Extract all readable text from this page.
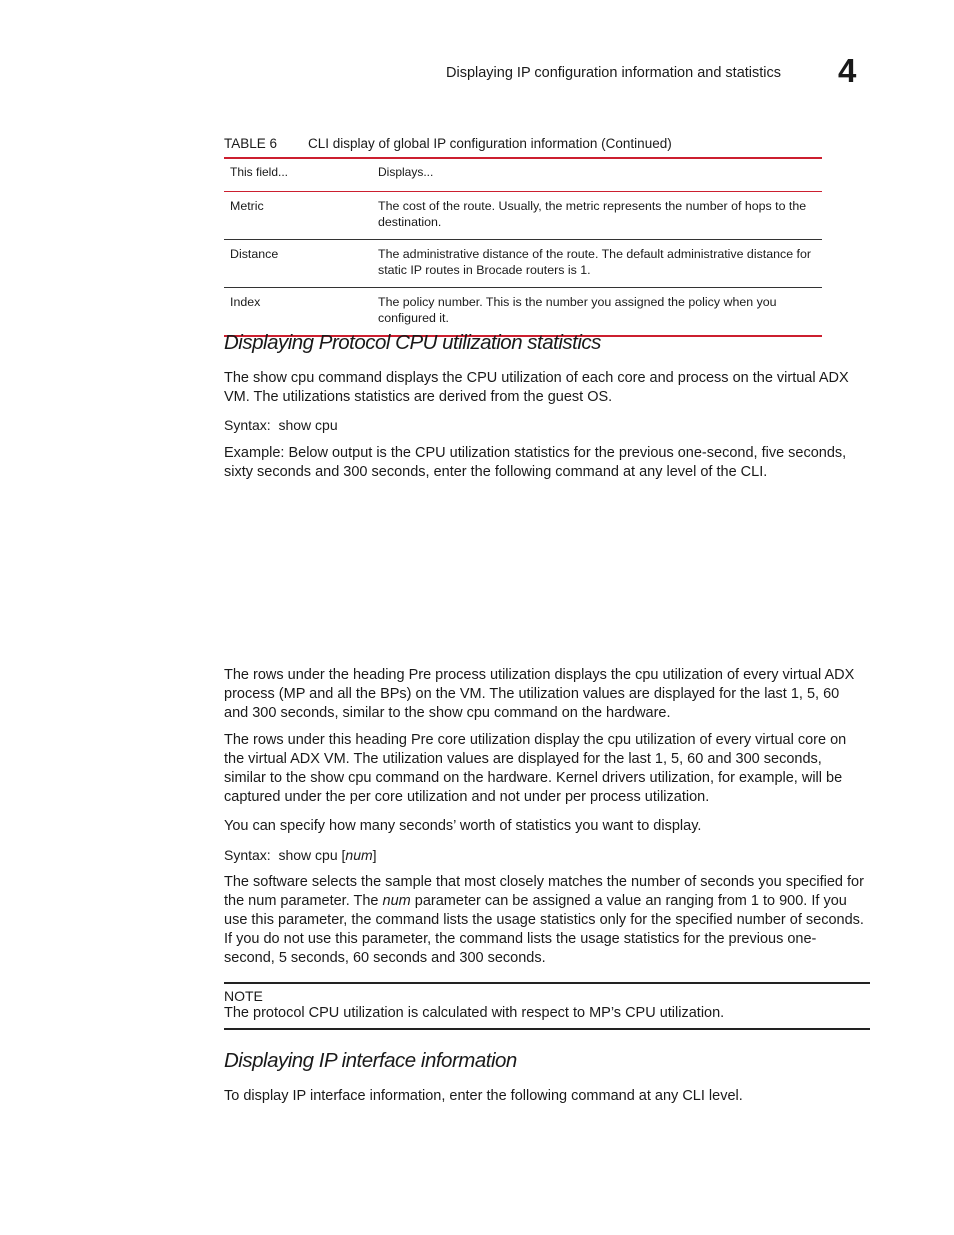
Displaying IP configuration information and statistics 4
TABLE 6 CLI display of global IP configuration information (Continued)
This field...	Displays...
Metric	The cost of the route. Usually, the metric represents the number of hops to the destination.
Distance	The administrative distance of the route. The default administrative distance for static IP routes in Brocade routers is 1.
Index	The policy number. This is the number you assigned the policy when you configured it.
Displaying Protocol CPU utilization statistics
The show cpu command displays the CPU utilization of each core and process on the virtual ADX VM. The utilizations statistics are derived from the guest OS.
Syntax: show cpu
Example: Below output is the CPU utilization statistics for the previous one-second, five seconds, sixty seconds and 300 seconds, enter the following command at any level of the CLI.
The rows under the heading Pre process utilization displays the cpu utilization of every virtual ADX process (MP and all the BPs) on the VM. The utilization values are displayed for the last 1, 5, 60 and 300 seconds, similar to the show cpu command on the hardware.
The rows under this heading Pre core utilization display the cpu utilization of every virtual core on the virtual ADX VM. The utilization values are displayed for the last 1, 5, 60 and 300 seconds, similar to the show cpu command on the hardware. Kernel drivers utilization, for example, will be captured under the per core utilization and not under per process utilization.
You can specify how many seconds’ worth of statistics you want to display.
Syntax: show cpu [num]
The software selects the sample that most closely matches the number of seconds you specified for the num parameter. The num parameter can be assigned a value an ranging from 1 to 900. If you use this parameter, the command lists the usage statistics only for the specified number of seconds. If you do not use this parameter, the command lists the usage statistics for the previous one-second, 5 seconds, 60 seconds and 300 seconds.
NOTE
The protocol CPU utilization is calculated with respect to MP’s CPU utilization.
Displaying IP interface information
To display IP interface information, enter the following command at any CLI level.
